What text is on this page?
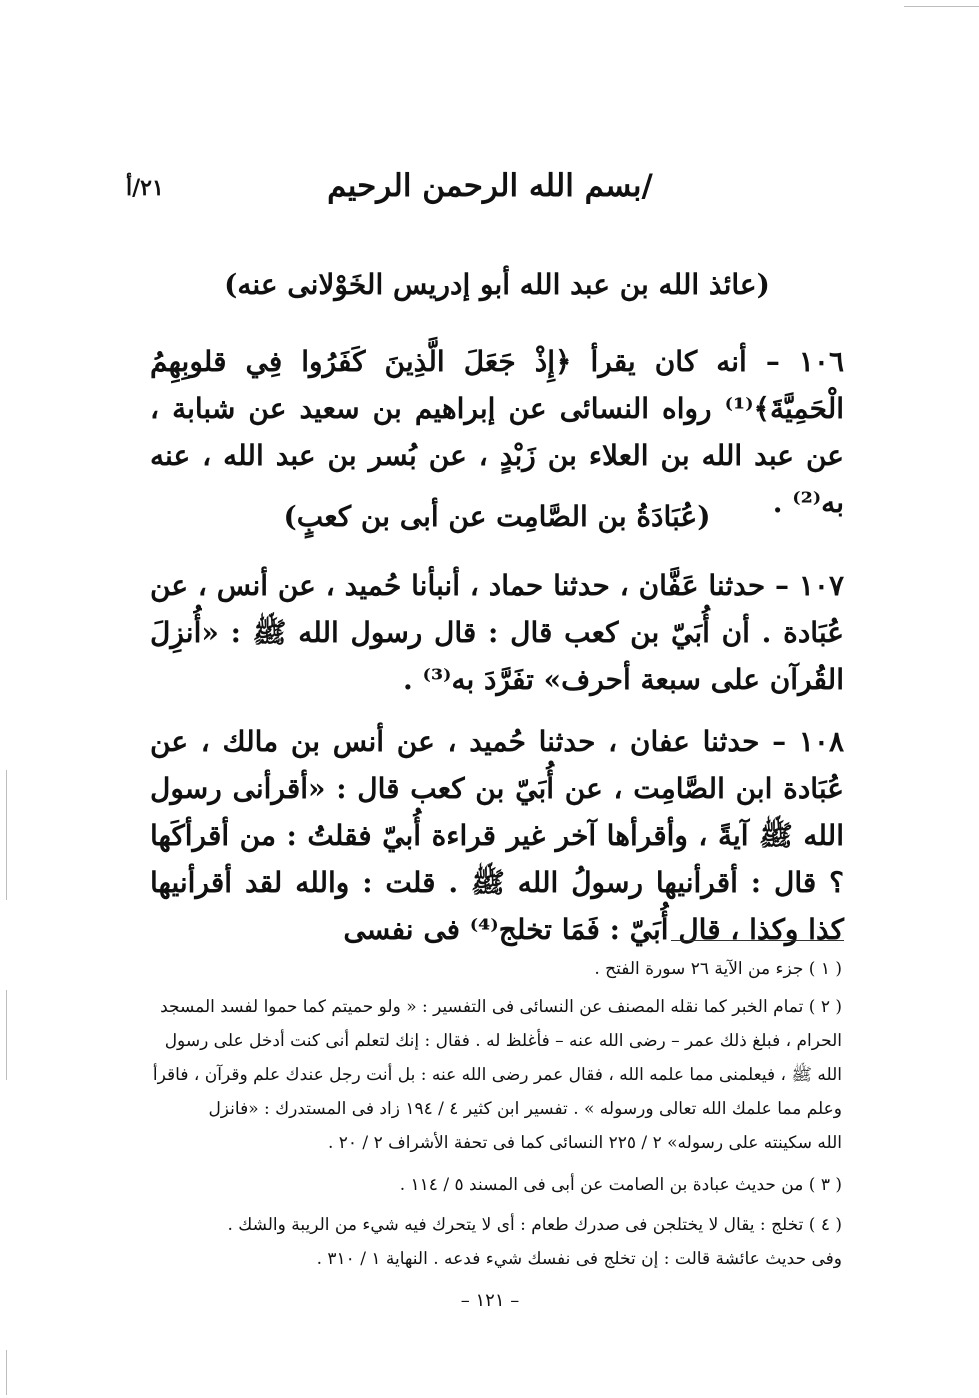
٢١/أ	/بسم الله الرحمن الرحيم
(عائذ الله بن عبد الله أبو إدريس الخَوْلانى عنه)
١٠٦ – أنه كان يقرأ ﴿إِذْ جَعَلَ الَّذِينَ كَفَرُوا فِي قلوبِهِمُ الْحَمِيَّةَ﴾⁽¹⁾ رواه النسائى عن إبراهيم بن سعيد عن شبابة ، عن عبد الله بن العلاء بن زَبْدٍ ، عن بُسر بن عبد الله ، عنه به⁽²⁾ .
(عُبَادَةُ بن الصَّامِت عن أبى بن كعبٍ)
١٠٧ – حدثنا عَفَّان ، حدثنا حماد ، أنبأنا حُميد ، عن أنس ، عن عُبَادة . أن أُبَيّ بن كعب قال : قال رسول الله ﷺ : «أُنزِلَ القُرآن على سبعة أحرف» تفَرَّدَ به⁽³⁾ .
١٠٨ – حدثنا عفان ، حدثنا حُميد ، عن أنس بن مالك ، عن عُبَادة ابن الصَّامِت ، عن أُبَيّ بن كعب قال : «أقرأنى رسول الله ﷺ آيةً ، وأقرأها آخر غير قراءة أُبيّ فقلتُ : من أقرأكَها ؟ قال : أقرأنيها رسولُ الله ﷺ . قلت : والله لقد أقرأنيها كذا وكذا ، قال أُبَيّ : فَمَا تخلج⁽⁴⁾ فى نفسى
( ١ ) جزء من الآية ٢٦ سورة الفتح .
( ٢ ) تمام الخبر كما نقله المصنف عن النسائى فى التفسير : « ولو حميتم كما حموا لفسد المسجد
الحرام ، فبلغ ذلك عمر – رضى الله عنه – فأغلظ له . فقال : إنك لتعلم أنى كنت أدخل على رسول
الله ﷺ ، فيعلمنى مما علمه الله ، فقال عمر رضى الله عنه : بل أنت رجل عندك علم وقرآن ، فاقرأ
وعلم مما علمك الله تعالى ورسوله » . تفسير ابن كثير ٤ / ١٩٤ زاد فى المستدرك : «فانزل
الله سكينته على رسوله» ٢ / ٢٢٥ النسائى كما فى تحفة الأشراف ٢ / ٢٠ .
( ٣ ) من حديث عبادة بن الصامت عن أبى فى المسند ٥ / ١١٤ .
( ٤ ) تخلج : يقال لا يختلجن فى صدرك طعام : أى لا يتحرك فيه شيء من الريبة والشك .
وفى حديث عائشة قالت : إن تخلج فى نفسك شيء فدعه . النهاية ١ / ٣١٠ .
– ١٢١ –
